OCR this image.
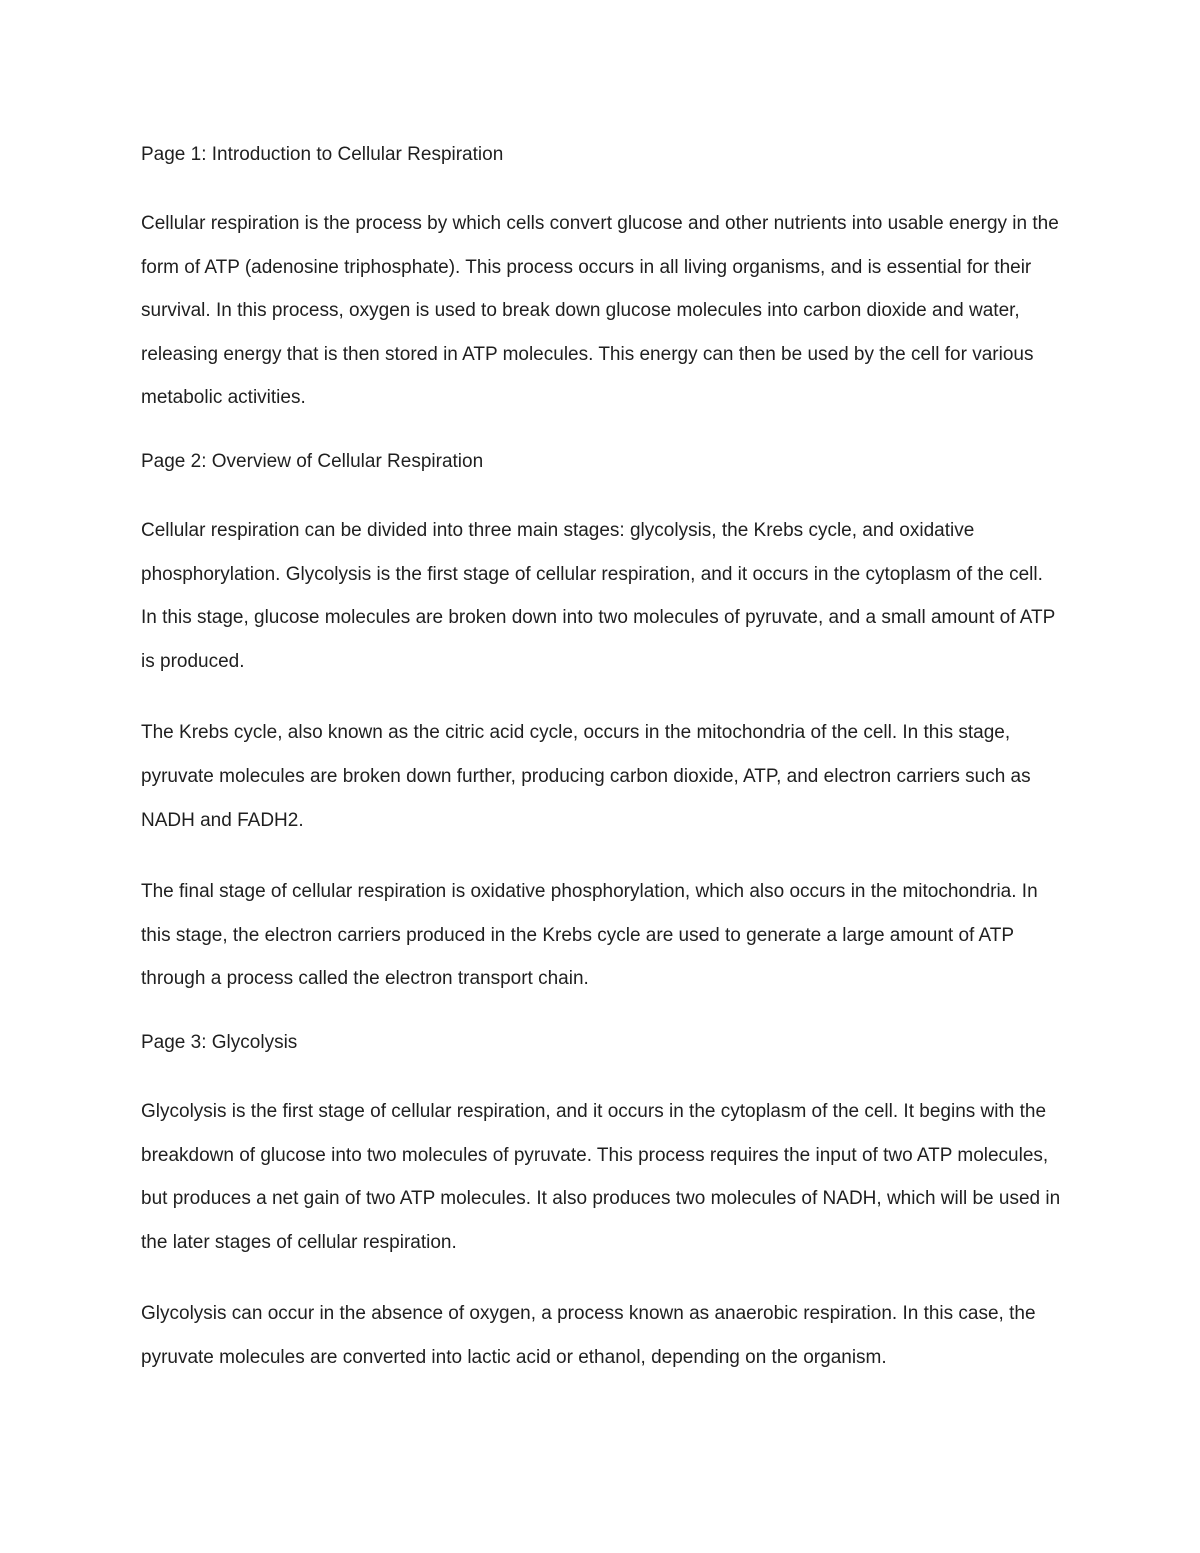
Page 1: Introduction to Cellular Respiration

Cellular respiration is the process by which cells convert glucose and other nutrients into usable energy in the form of ATP (adenosine triphosphate). This process occurs in all living organisms, and is essential for their survival. In this process, oxygen is used to break down glucose molecules into carbon dioxide and water, releasing energy that is then stored in ATP molecules. This energy can then be used by the cell for various metabolic activities.

Page 2: Overview of Cellular Respiration

Cellular respiration can be divided into three main stages: glycolysis, the Krebs cycle, and oxidative phosphorylation. Glycolysis is the first stage of cellular respiration, and it occurs in the cytoplasm of the cell. In this stage, glucose molecules are broken down into two molecules of pyruvate, and a small amount of ATP is produced.

The Krebs cycle, also known as the citric acid cycle, occurs in the mitochondria of the cell. In this stage, pyruvate molecules are broken down further, producing carbon dioxide, ATP, and electron carriers such as NADH and FADH2.

The final stage of cellular respiration is oxidative phosphorylation, which also occurs in the mitochondria. In this stage, the electron carriers produced in the Krebs cycle are used to generate a large amount of ATP through a process called the electron transport chain.

Page 3: Glycolysis

Glycolysis is the first stage of cellular respiration, and it occurs in the cytoplasm of the cell. It begins with the breakdown of glucose into two molecules of pyruvate. This process requires the input of two ATP molecules, but produces a net gain of two ATP molecules. It also produces two molecules of NADH, which will be used in the later stages of cellular respiration.

Glycolysis can occur in the absence of oxygen, a process known as anaerobic respiration. In this case, the pyruvate molecules are converted into lactic acid or ethanol, depending on the organism.
